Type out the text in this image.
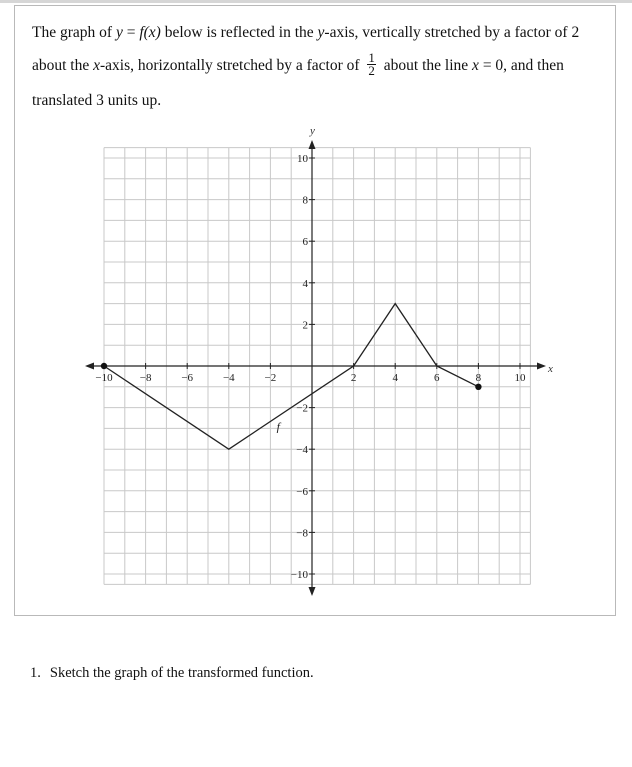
The graph of y = f(x) below is reflected in the y-axis, vertically stretched by a factor of 2
about the x-axis, horizontally stretched by a factor of $\frac{1}{2}$ about the line x = 0, and then
translated 3 units up.
x
y
−10 −8	−6	−4	−2	2	4	6	8	10
10
8
6
4
2
−2
−4
−6
−8
−10
f
1. Sketch the graph of the transformed function.
